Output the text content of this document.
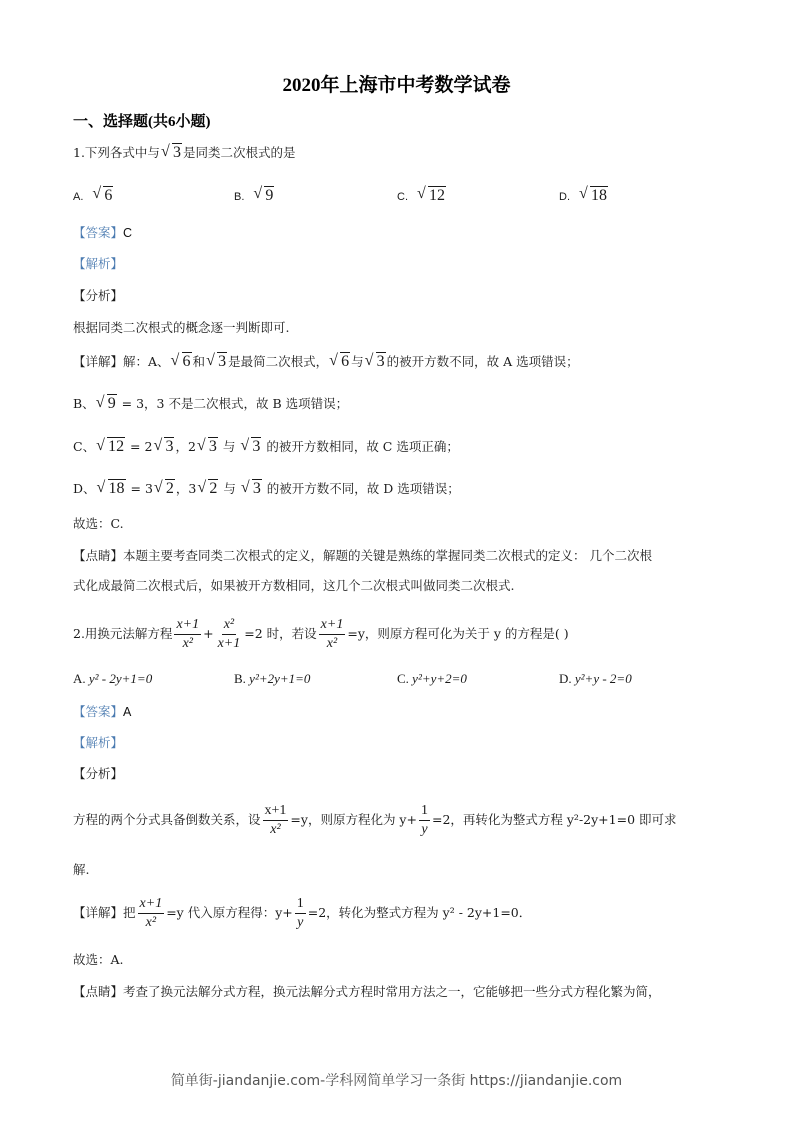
2020年上海市中考数学试卷
一、选择题(共6小题)
1.下列各式中与 √ 3 是同类二次根式的是
A. √ 6	B. √ 9	C. √ 12	D. √ 18
【答案】C
【解析】
【分析】
根据同类二次根式的概念逐一判断即可.
【详解】解：A、 √ 6 和 √ 3 是最简二次根式， √ 6 与 √ 3 的被开方数不同，故 A 选项错误；
B、 √ 9 = 3，3 不是二次根式，故 B 选项错误；
C、 √ 12 = 2 √ 3 ，2 √ 3 与 √ 3 的被开方数相同，故 C 选项正确；
D、 √ 18 = 3 √ 2 ，3 √ 2 与 √ 3 的被开方数不同，故 D 选项错误；
故选：C.
【点睛】本题主要考查同类二次根式的定义，解题的关键是熟练的掌握同类二次根式的定义： 几个二次根
式化成最简二次根式后，如果被开方数相同，这几个二次根式叫做同类二次根式.
2.用换元法解方程 $\frac{x+1}{\text{x²}} + \frac{\text{x²}}{x+1} =2$ 时，若设 $\frac{x+1}{\text{x²}} =y$，则原方程可化为关于 y 的方程是( )
A. y² - 2y+1=0	B. y²+2y+1=0	C. y²+y+2=0	D. y²+y - 2=0
【答案】A
【解析】
【分析】
方程的两个分式具备倒数关系，设 $\frac{x+1}{\text{x²}} =y$，则原方程化为 $y+ \frac{1}{y} =2$，再转化为整式方程 y²-2y+1=0 即可求
解.
【详解】把 $\frac{x+1}{\text{x²}} =y$ 代入原方程得：$y+ \frac{1}{y} =2$，转化为整式方程为 y² - 2y+1=0．
故选：A.
【点睛】考查了换元法解分式方程，换元法解分式方程时常用方法之一，它能够把一些分式方程化繁为简，
简单街-jiandanjie.com-学科网简单学习一条街 https://jiandanjie.com
